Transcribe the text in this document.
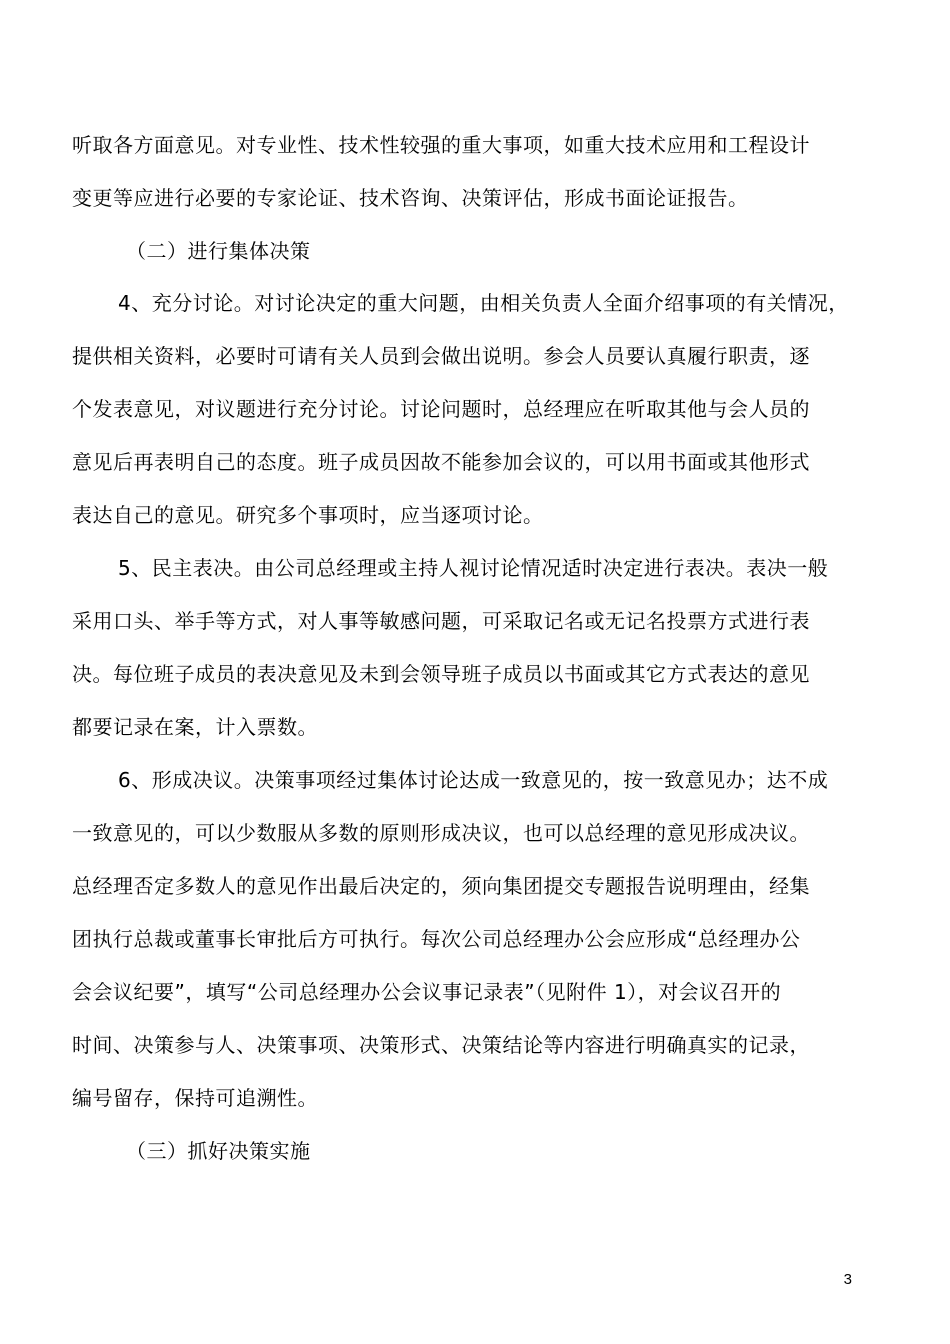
听取各方面意见。对专业性、技术性较强的重大事项，如重大技术应用和工程设计
变更等应进行必要的专家论证、技术咨询、决策评估，形成书面论证报告。
（二）进行集体决策
4、充分讨论。对讨论决定的重大问题，由相关负责人全面介绍事项的有关情况，
提供相关资料，必要时可请有关人员到会做出说明。参会人员要认真履行职责，逐
个发表意见，对议题进行充分讨论。讨论问题时，总经理应在听取其他与会人员的
意见后再表明自己的态度。班子成员因故不能参加会议的，可以用书面或其他形式
表达自己的意见。研究多个事项时，应当逐项讨论。
5、民主表决。由公司总经理或主持人视讨论情况适时决定进行表决。表决一般
采用口头、举手等方式，对人事等敏感问题，可采取记名或无记名投票方式进行表
决。每位班子成员的表决意见及未到会领导班子成员以书面或其它方式表达的意见
都要记录在案，计入票数。
6、形成决议。决策事项经过集体讨论达成一致意见的，按一致意见办；达不成
一致意见的，可以少数服从多数的原则形成决议，也可以总经理的意见形成决议。
总经理否定多数人的意见作出最后决定的，须向集团提交专题报告说明理由，经集
团执行总裁或董事长审批后方可执行。每次公司总经理办公会应形成“总经理办公
会会议纪要”，填写“公司总经理办公会议事记录表”（见附件 1），对会议召开的
时间、决策参与人、决策事项、决策形式、决策结论等内容进行明确真实的记录，
编号留存，保持可追溯性。
（三）抓好决策实施
3
